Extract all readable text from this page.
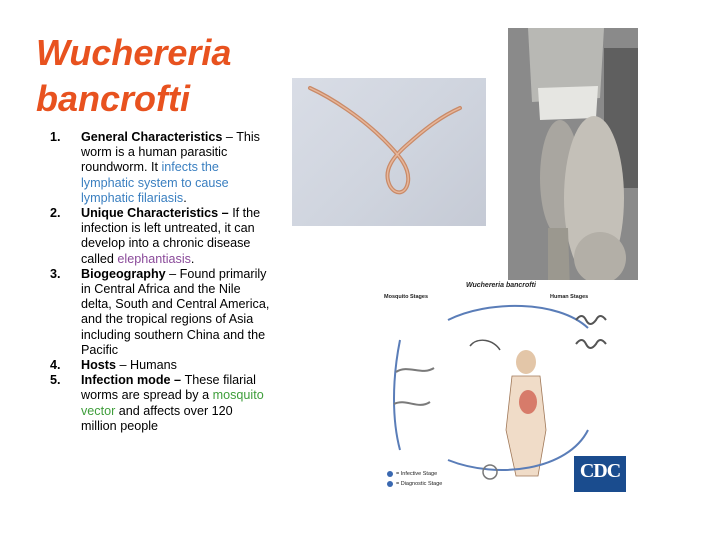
Wuchereria
bancrofti
1. General Characteristics – This worm is a human parasitic roundworm. It infects the lymphatic system to cause lymphatic filariasis.
2. Unique Characteristics – If the infection is left untreated, it can develop into a chronic disease called elephantiasis.
3. Biogeography – Found primarily in Central Africa and the Nile delta, South and Central America, and the tropical regions of Asia including southern China and the Pacific
4. Hosts – Humans
5. Infection mode – These filarial worms are spread by a mosquito vector and affects over 120 million people
Wuchereria bancrofti
Mosquito Stages	Human Stages
= Infective Stage
= Diagnostic Stage
CDC
